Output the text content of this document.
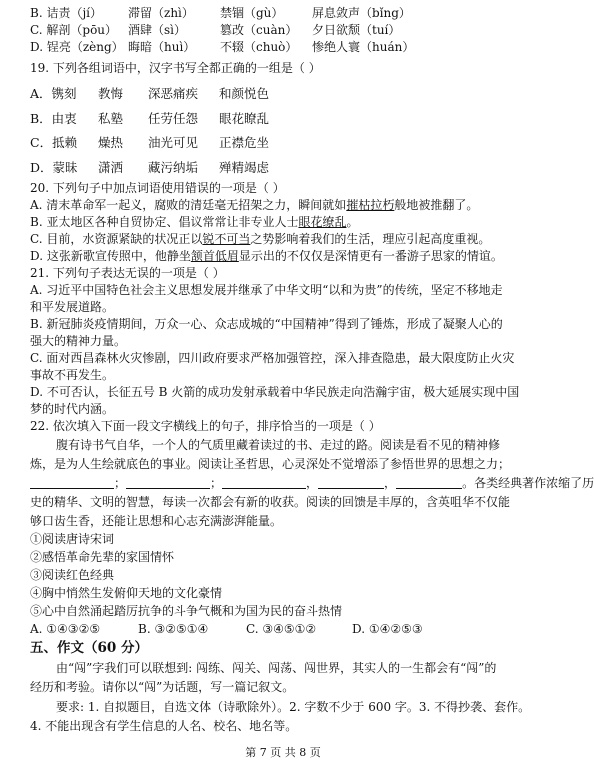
B. 诘责（jí） 滞留（zhì） 禁锢（gù） 屏息敛声（bǐng）
C. 解剖（pōu） 酒肆（sì）	篡改（cuàn） 夕日欲颓（tuí）
D. 锃亮（zèng） 晦暗（huì） 不辍（chuò） 惨绝人寰（huán）
19. 下列各组词语中，汉字书写全都正确的一组是（ ）
A．镌刻 教悔 深恶痛疾 和颜悦色
B．由衷 私塾 任劳任怨 眼花瞭乱
C．抵赖 燥热 油光可见 正襟危坐
D．蒙昧 潇洒 藏污纳垢 殚精竭虑
20. 下列句子中加点词语使用错误的一项是（ ）
A. 清末革命军一起义，腐败的清廷毫无招架之力，瞬间就如摧枯拉朽般地被推翻了。
B. 亚太地区各种自贸协定、倡议常常让非专业人士眼花缭乱。
C. 目前，水资源紧缺的状况正以锐不可当之势影响着我们的生活，理应引起高度重视。
D. 这张新歌宣传照中，他静坐颔首低眉显示出的不仅仅是深情更有一番游子思家的情谊。
21. 下列句子表达无误的一项是（ ）
A. 习近平中国特色社会主义思想发展并继承了中华文明“以和为贵”的传统，坚定不移地走
和平发展道路。
B. 新冠肺炎疫情期间，万众一心、众志成城的“中国精神”得到了锤炼，形成了凝聚人心的
强大的精神力量。
C. 面对西昌森林火灾惨剧，四川政府要求严格加强管控，深入排查隐患，最大限度防止火灾
事故不再发生。
D. 不可否认，长征五号 B 火箭的成功发射承载着中华民族走向浩瀚宇宙，极大延展实现中国
梦的时代内涵。
22. 依次填入下面一段文字横线上的句子，排序恰当的一项是（ ）
腹有诗书气自华，一个人的气质里藏着读过的书、走过的路。阅读是看不见的精神修
炼，是为人生绘就底色的事业。阅读让圣哲思，心灵深处不觉增添了参悟世界的思想之力；
；	；	，	，	。各类经典著作浓缩了历
史的精华、文明的智慧，每读一次都会有新的收获。阅读的回馈是丰厚的，含英咀华不仅能
够口齿生香，还能让思想和心志充满澎湃能量。
①阅读唐诗宋词
②感悟革命先辈的家国情怀
③阅读红色经典
④胸中悄然生发俯仰天地的文化豪情
⑤心中自然涌起踏厉抗争的斗争气概和为国为民的奋斗热情
A. ①④③②⑤	B. ③②⑤①④	C. ③④⑤①②	D. ①④②⑤③
五、作文（60 分）
由“闯”字我们可以联想到: 闯练、闯关、闯荡、闯世界，其实人的一生都会有“闯”的
经历和考验。请你以“闯”为话题，写一篇记叙文。
要求: 1. 自拟题目，自选文体（诗歌除外）。2. 字数不少于 600 字。3. 不得抄袭、套作。
4. 不能出现含有学生信息的人名、校名、地名等。
第 7 页 共 8 页
